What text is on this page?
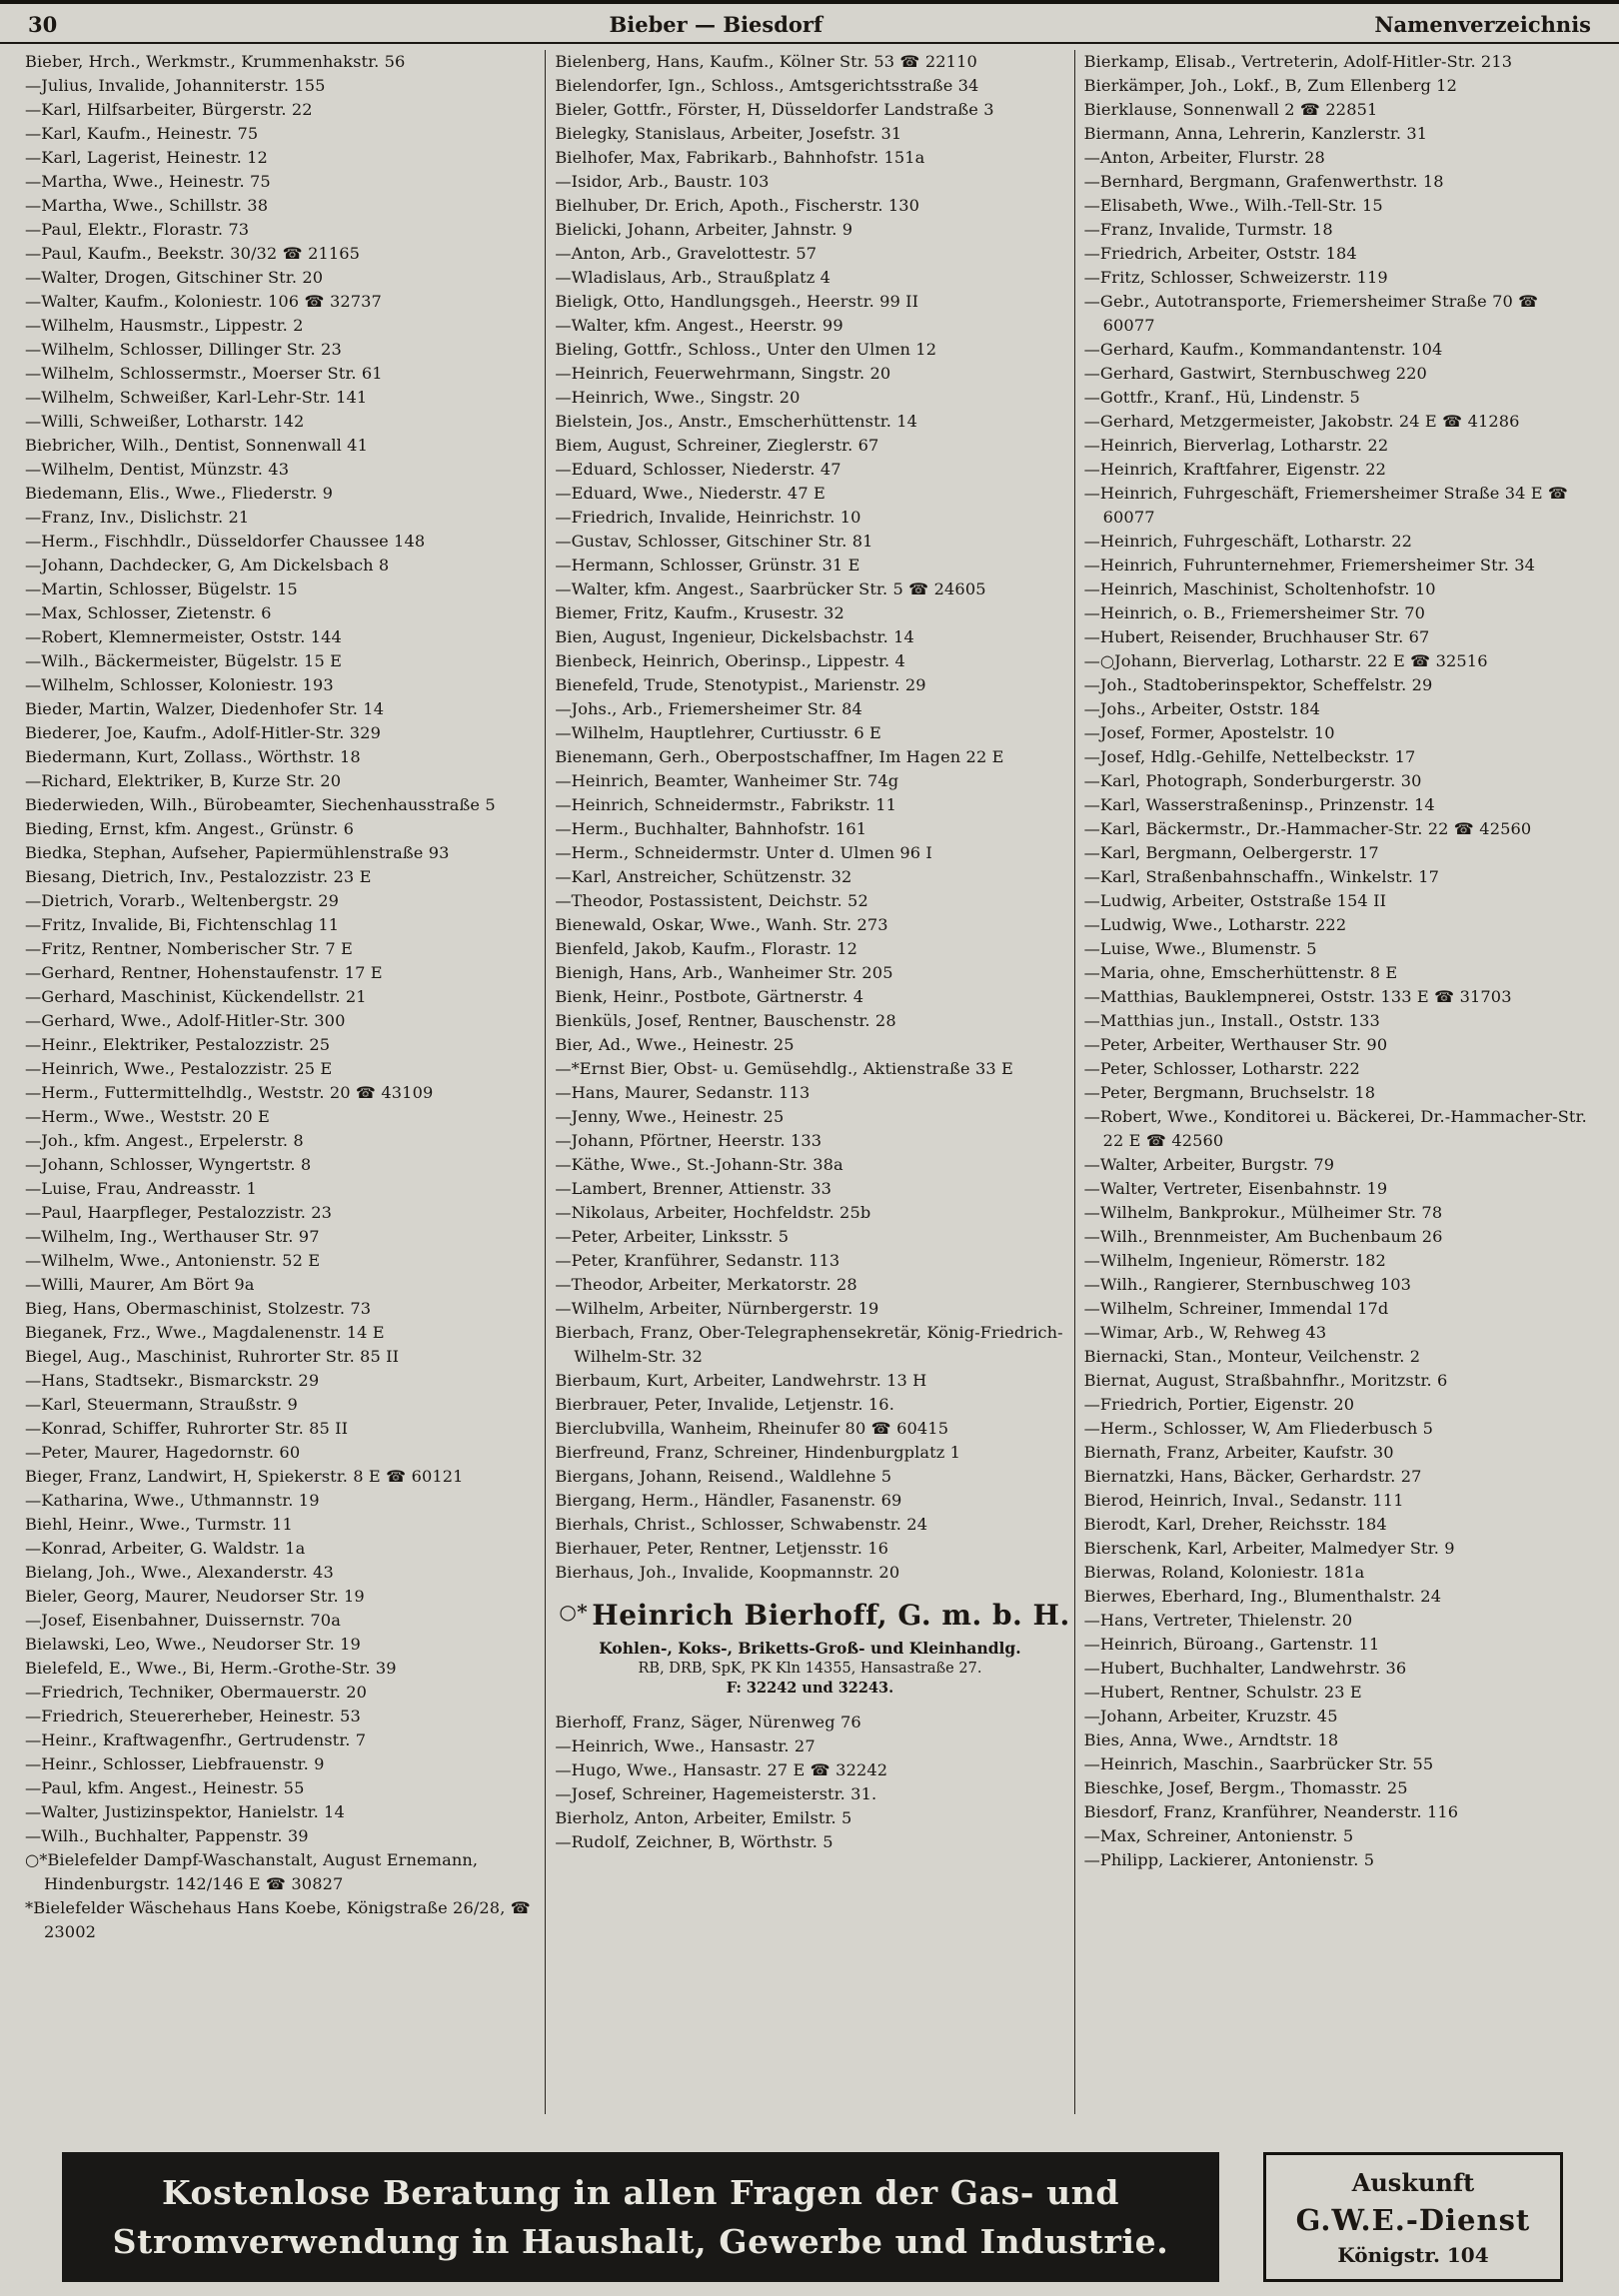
30	Bieber — Biesdorf	Namenverzeichnis
Bieber, Hrch., Werkmstr., Krummenhakstr. 56
—Julius, Invalide, Johanniterstr. 155
—Karl, Hilfsarbeiter, Bürgerstr. 22
—Karl, Kaufm., Heinestr. 75
—Karl, Lagerist, Heinestr. 12
—Martha, Wwe., Heinestr. 75
—Martha, Wwe., Schillstr. 38
—Paul, Elektr., Florastr. 73
—Paul, Kaufm., Beekstr. 30/32 ☎ 21165
—Walter, Drogen, Gitschiner Str. 20
—Walter, Kaufm., Koloniestr. 106 ☎ 32737
—Wilhelm, Hausmstr., Lippestr. 2
—Wilhelm, Schlosser, Dillinger Str. 23
—Wilhelm, Schlossermstr., Moerser Str. 61
—Wilhelm, Schweißer, Karl-Lehr-Str. 141
—Willi, Schweißer, Lotharstr. 142
Biebricher, Wilh., Dentist, Sonnenwall 41
—Wilhelm, Dentist, Münzstr. 43
Biedemann, Elis., Wwe., Fliederstr. 9
—Franz, Inv., Dislichstr. 21
—Herm., Fischhdlr., Düsseldorfer Chaussee 148
—Johann, Dachdecker, G, Am Dickelsbach 8
—Martin, Schlosser, Bügelstr. 15
—Max, Schlosser, Zietenstr. 6
—Robert, Klemnermeister, Oststr. 144
—Wilh., Bäckermeister, Bügelstr. 15 E
—Wilhelm, Schlosser, Koloniestr. 193
Bieder, Martin, Walzer, Diedenhofer Str. 14
Biederer, Joe, Kaufm., Adolf-Hitler-Str. 329
Biedermann, Kurt, Zollass., Wörthstr. 18
—Richard, Elektriker, B, Kurze Str. 20
Biederwieden, Wilh., Bürobeamter, Siechenhausstraße 5
Bieding, Ernst, kfm. Angest., Grünstr. 6
Biedka, Stephan, Aufseher, Papiermühlenstraße 93
Biesang, Dietrich, Inv., Pestalozzistr. 23 E
—Dietrich, Vorarb., Weltenbergstr. 29
—Fritz, Invalide, Bi, Fichtenschlag 11
—Fritz, Rentner, Nomberischer Str. 7 E
—Gerhard, Rentner, Hohenstaufenstr. 17 E
—Gerhard, Maschinist, Kückendellstr. 21
—Gerhard, Wwe., Adolf-Hitler-Str. 300
—Heinr., Elektriker, Pestalozzistr. 25
—Heinrich, Wwe., Pestalozzistr. 25 E
—Herm., Futtermittelhdlg., Weststr. 20 ☎ 43109
—Herm., Wwe., Weststr. 20 E
—Joh., kfm. Angest., Erpelerstr. 8
—Johann, Schlosser, Wyngertstr. 8
—Luise, Frau, Andreasstr. 1
—Paul, Haarpfleger, Pestalozzistr. 23
—Wilhelm, Ing., Werthauser Str. 97
—Wilhelm, Wwe., Antonienstr. 52 E
—Willi, Maurer, Am Bört 9a
Bieg, Hans, Obermaschinist, Stolzestr. 73
Bieganek, Frz., Wwe., Magdalenenstr. 14 E
Biegel, Aug., Maschinist, Ruhrorter Str. 85 II
—Hans, Stadtsekr., Bismarckstr. 29
—Karl, Steuermann, Straußstr. 9
—Konrad, Schiffer, Ruhrorter Str. 85 II
—Peter, Maurer, Hagedornstr. 60
Bieger, Franz, Landwirt, H, Spiekerstr. 8 E ☎ 60121
—Katharina, Wwe., Uthmannstr. 19
Biehl, Heinr., Wwe., Turmstr. 11
—Konrad, Arbeiter, G. Waldstr. 1a
Bielang, Joh., Wwe., Alexanderstr. 43
Bieler, Georg, Maurer, Neudorser Str. 19
—Josef, Eisenbahner, Duissernstr. 70a
Bielawski, Leo, Wwe., Neudorser Str. 19
Bielefeld, E., Wwe., Bi, Herm.-Grothe-Str. 39
—Friedrich, Techniker, Obermauerstr. 20
—Friedrich, Steuererheber, Heinestr. 53
—Heinr., Kraftwagenfhr., Gertrudenstr. 7
—Heinr., Schlosser, Liebfrauenstr. 9
—Paul, kfm. Angest., Heinestr. 55
—Walter, Justizinspektor, Hanielstr. 14
—Wilh., Buchhalter, Pappenstr. 39
○*Bielefelder Dampf-Waschanstalt, August Ernemann, Hindenburgstr. 142/146 E ☎ 30827
*Bielefelder Wäschehaus Hans Koebe, Königstraße 26/28, ☎ 23002
Bielenberg, Hans, Kaufm., Kölner Str. 53 ☎ 22110
Bielendorfer, Ign., Schloss., Amtsgerichtsstraße 34
Bieler, Gottfr., Förster, H, Düsseldorfer Landstraße 3
Bielegky, Stanislaus, Arbeiter, Josefstr. 31
Bielhofer, Max, Fabrikarb., Bahnhofstr. 151a
—Isidor, Arb., Baustr. 103
Bielhuber, Dr. Erich, Apoth., Fischerstr. 130
Bielicki, Johann, Arbeiter, Jahnstr. 9
—Anton, Arb., Gravelottestr. 57
—Wladislaus, Arb., Straußplatz 4
Bieligk, Otto, Handlungsgeh., Heerstr. 99 II
—Walter, kfm. Angest., Heerstr. 99
Bieling, Gottfr., Schloss., Unter den Ulmen 12
—Heinrich, Feuerwehrmann, Singstr. 20
—Heinrich, Wwe., Singstr. 20
Bielstein, Jos., Anstr., Emscherhüttenstr. 14
Biem, August, Schreiner, Zieglerstr. 67
—Eduard, Schlosser, Niederstr. 47
—Eduard, Wwe., Niederstr. 47 E
—Friedrich, Invalide, Heinrichstr. 10
—Gustav, Schlosser, Gitschiner Str. 81
—Hermann, Schlosser, Grünstr. 31 E
—Walter, kfm. Angest., Saarbrücker Str. 5 ☎ 24605
Biemer, Fritz, Kaufm., Krusestr. 32
Bien, August, Ingenieur, Dickelsbachstr. 14
Bienbeck, Heinrich, Oberinsp., Lippestr. 4
Bienefeld, Trude, Stenotypist., Marienstr. 29
—Johs., Arb., Friemersheimer Str. 84
—Wilhelm, Hauptlehrer, Curtiusstr. 6 E
Bienemann, Gerh., Oberpostschaffner, Im Hagen 22 E
—Heinrich, Beamter, Wanheimer Str. 74g
—Heinrich, Schneidermstr., Fabrikstr. 11
—Herm., Buchhalter, Bahnhofstr. 161
—Herm., Schneidermstr. Unter d. Ulmen 96 I
—Karl, Anstreicher, Schützenstr. 32
—Theodor, Postassistent, Deichstr. 52
Bienewald, Oskar, Wwe., Wanh. Str. 273
Bienfeld, Jakob, Kaufm., Florastr. 12
Bienigh, Hans, Arb., Wanheimer Str. 205
Bienk, Heinr., Postbote, Gärtnerstr. 4
Bienküls, Josef, Rentner, Bauschenstr. 28
Bier, Ad., Wwe., Heinestr. 25
—*Ernst Bier, Obst- u. Gemüsehdlg., Aktienstraße 33 E
—Hans, Maurer, Sedanstr. 113
—Jenny, Wwe., Heinestr. 25
—Johann, Pförtner, Heerstr. 133
—Käthe, Wwe., St.-Johann-Str. 38a
—Lambert, Brenner, Attienstr. 33
—Nikolaus, Arbeiter, Hochfeldstr. 25b
—Peter, Arbeiter, Linksstr. 5
—Peter, Kranführer, Sedanstr. 113
—Theodor, Arbeiter, Merkatorstr. 28
—Wilhelm, Arbeiter, Nürnbergerstr. 19
Bierbach, Franz, Ober-Telegraphensekretär, König-Friedrich-Wilhelm-Str. 32
Bierbaum, Kurt, Arbeiter, Landwehrstr. 13 H
Bierbrauer, Peter, Invalide, Letjenstr. 16.
Bierclubvilla, Wanheim, Rheinufer 80 ☎ 60415
Bierfreund, Franz, Schreiner, Hindenburgplatz 1
Biergans, Johann, Reisend., Waldlehne 5
Biergang, Herm., Händler, Fasanenstr. 69
Bierhals, Christ., Schlosser, Schwabenstr. 24
Bierhauer, Peter, Rentner, Letjensstr. 16
Bierhaus, Joh., Invalide, Koopmannstr. 20
○* Heinrich Bierhoff, G. m. b. H.
Kohlen-, Koks-, Briketts-Groß- und Kleinhandlg.
RB, DRB, SpK, PK Kln 14355, Hansastraße 27.
F: 32242 und 32243.
Bierhoff, Franz, Säger, Nürenweg 76
—Heinrich, Wwe., Hansastr. 27
—Hugo, Wwe., Hansastr. 27 E ☎ 32242
—Josef, Schreiner, Hagemeisterstr. 31.
Bierholz, Anton, Arbeiter, Emilstr. 5
—Rudolf, Zeichner, B, Wörthstr. 5
Bierkamp, Elisab., Vertreterin, Adolf-Hitler-Str. 213
Bierkämper, Joh., Lokf., B, Zum Ellenberg 12
Bierklause, Sonnenwall 2 ☎ 22851
Biermann, Anna, Lehrerin, Kanzlerstr. 31
—Anton, Arbeiter, Flurstr. 28
—Bernhard, Bergmann, Grafenwerthstr. 18
—Elisabeth, Wwe., Wilh.-Tell-Str. 15
—Franz, Invalide, Turmstr. 18
—Friedrich, Arbeiter, Oststr. 184
—Fritz, Schlosser, Schweizerstr. 119
—Gebr., Autotransporte, Friemersheimer Straße 70 ☎ 60077
—Gerhard, Kaufm., Kommandantenstr. 104
—Gerhard, Gastwirt, Sternbuschweg 220
—Gottfr., Kranf., Hü, Lindenstr. 5
—Gerhard, Metzgermeister, Jakobstr. 24 E ☎ 41286
—Heinrich, Bierverlag, Lotharstr. 22
—Heinrich, Kraftfahrer, Eigenstr. 22
—Heinrich, Fuhrgeschäft, Friemersheimer Straße 34 E ☎ 60077
—Heinrich, Fuhrgeschäft, Lotharstr. 22
—Heinrich, Fuhrunternehmer, Friemersheimer Str. 34
—Heinrich, Maschinist, Scholtenhofstr. 10
—Heinrich, o. B., Friemersheimer Str. 70
—Hubert, Reisender, Bruchhauser Str. 67
—○Johann, Bierverlag, Lotharstr. 22 E ☎ 32516
—Joh., Stadtoberinspektor, Scheffelstr. 29
—Johs., Arbeiter, Oststr. 184
—Josef, Former, Apostelstr. 10
—Josef, Hdlg.-Gehilfe, Nettelbeckstr. 17
—Karl, Photograph, Sonderburgerstr. 30
—Karl, Wasserstraßeninsp., Prinzenstr. 14
—Karl, Bäckermstr., Dr.-Hammacher-Str. 22 ☎ 42560
—Karl, Bergmann, Oelbergerstr. 17
—Karl, Straßenbahnschaffn., Winkelstr. 17
—Ludwig, Arbeiter, Oststraße 154 II
—Ludwig, Wwe., Lotharstr. 222
—Luise, Wwe., Blumenstr. 5
—Maria, ohne, Emscherhüttenstr. 8 E
—Matthias, Bauklempnerei, Oststr. 133 E ☎ 31703
—Matthias jun., Install., Oststr. 133
—Peter, Arbeiter, Werthauser Str. 90
—Peter, Schlosser, Lotharstr. 222
—Peter, Bergmann, Bruchselstr. 18
—Robert, Wwe., Konditorei u. Bäckerei, Dr.-Hammacher-Str. 22 E ☎ 42560
—Walter, Arbeiter, Burgstr. 79
—Walter, Vertreter, Eisenbahnstr. 19
—Wilhelm, Bankprokur., Mülheimer Str. 78
—Wilh., Brennmeister, Am Buchenbaum 26
—Wilhelm, Ingenieur, Römerstr. 182
—Wilh., Rangierer, Sternbuschweg 103
—Wilhelm, Schreiner, Immendal 17d
—Wimar, Arb., W, Rehweg 43
Biernacki, Stan., Monteur, Veilchenstr. 2
Biernat, August, Straßbahnfhr., Moritzstr. 6
—Friedrich, Portier, Eigenstr. 20
—Herm., Schlosser, W, Am Fliederbusch 5
Biernath, Franz, Arbeiter, Kaufstr. 30
Biernatzki, Hans, Bäcker, Gerhardstr. 27
Bierod, Heinrich, Inval., Sedanstr. 111
Bierodt, Karl, Dreher, Reichsstr. 184
Bierschenk, Karl, Arbeiter, Malmedyer Str. 9
Bierwas, Roland, Koloniestr. 181a
Bierwes, Eberhard, Ing., Blumenthalstr. 24
—Hans, Vertreter, Thielenstr. 20
—Heinrich, Büroang., Gartenstr. 11
—Hubert, Buchhalter, Landwehrstr. 36
—Hubert, Rentner, Schulstr. 23 E
—Johann, Arbeiter, Kruzstr. 45
Bies, Anna, Wwe., Arndtstr. 18
—Heinrich, Maschin., Saarbrücker Str. 55
Bieschke, Josef, Bergm., Thomasstr. 25
Biesdorf, Franz, Kranführer, Neanderstr. 116
—Max, Schreiner, Antonienstr. 5
—Philipp, Lackierer, Antonienstr. 5
Kostenlose Beratung in allen Fragen der Gas- und
Stromverwendung in Haushalt, Gewerbe und Industrie.
Auskunft
G.W.E.-Dienst
Königstr. 104
